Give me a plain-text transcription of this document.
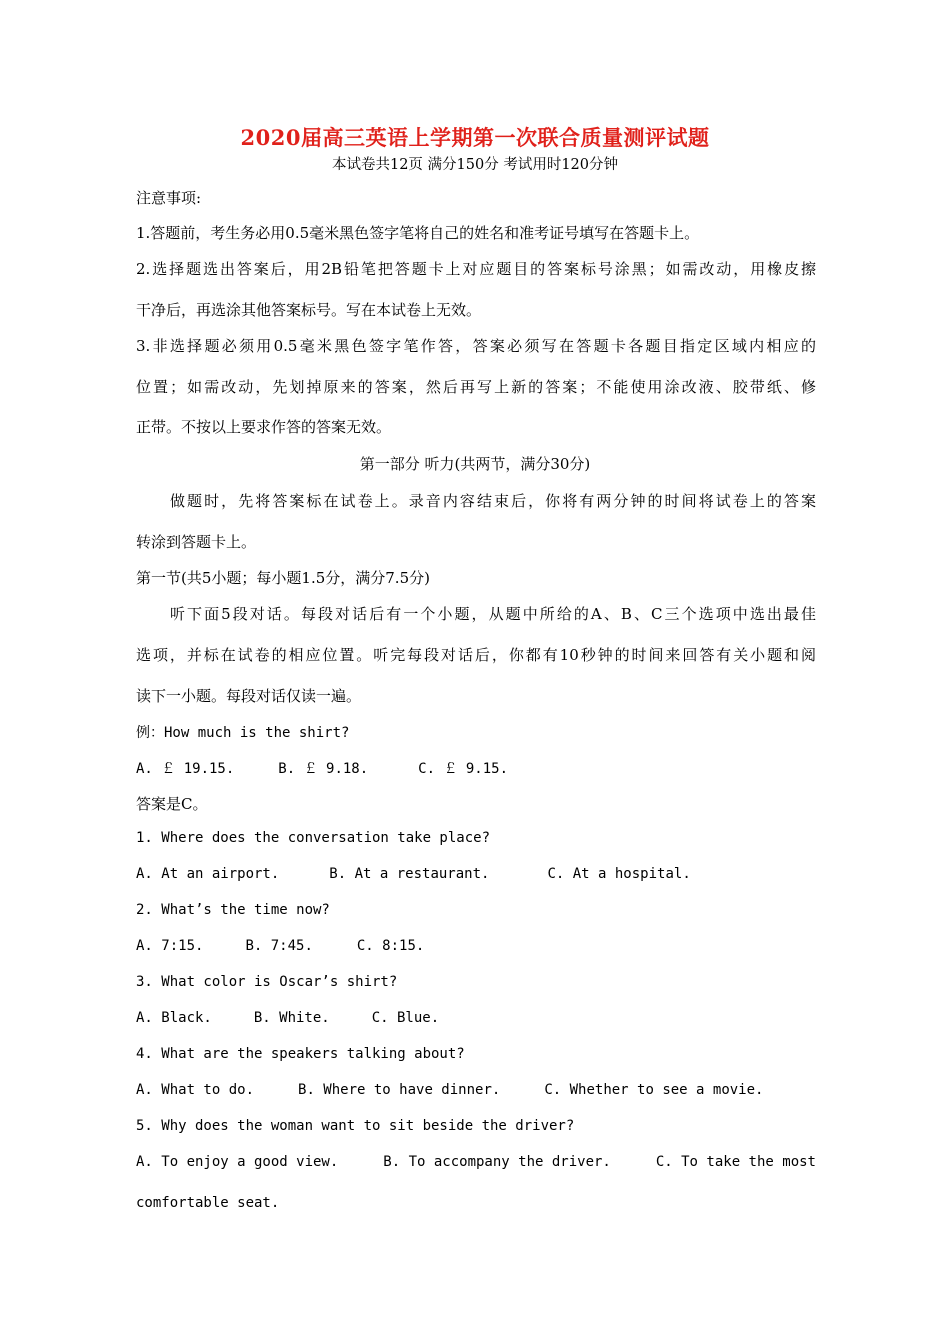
2020届高三英语上学期第一次联合质量测评试题
本试卷共12页 满分150分 考试用时120分钟
注意事项:
1.答题前，考生务必用0.5毫米黑色签字笔将自己的姓名和准考证号填写在答题卡上。
2.选择题选出答案后，用2B铅笔把答题卡上对应题目的答案标号涂黑；如需改动，用橡皮擦
干净后，再选涂其他答案标号。写在本试卷上无效。
3.非选择题必须用0.5毫米黑色签字笔作答，答案必须写在答题卡各题目指定区域内相应的
位置；如需改动，先划掉原来的答案，然后再写上新的答案；不能使用涂改液、胶带纸、修
正带。不按以上要求作答的答案无效。
第一部分 听力(共两节，满分30分)
做题时，先将答案标在试卷上。录音内容结束后，你将有两分钟的时间将试卷上的答案
转涂到答题卡上。
第一节(共5小题；每小题1.5分，满分7.5分)
听下面5段对话。每段对话后有一个小题，从题中所给的A、B、C三个选项中选出最佳
选项，并标在试卷的相应位置。听完每段对话后，你都有10秒钟的时间来回答有关小题和阅
读下一小题。每段对话仅读一遍。
例：How much is the shirt?
A. ￡ 19.15.	B. ￡ 9.18.	C. ￡ 9.15.
答案是C。
1. Where does the conversation take place?
A. At an airport.	B. At a restaurant.	C. At a hospital.
2. What’s the time now?
A. 7:15.	B. 7:45.	C. 8:15.
3. What color is Oscar’s shirt?
A. Black.	B. White.	C. Blue.
4. What are the speakers talking about?
A. What to do.	B. Where to have dinner.	C. Whether to see a movie.
5. Why does the woman want to sit beside the driver?
A. To enjoy a good view.	B. To accompany the driver.	C. To take the most
comfortable seat.
